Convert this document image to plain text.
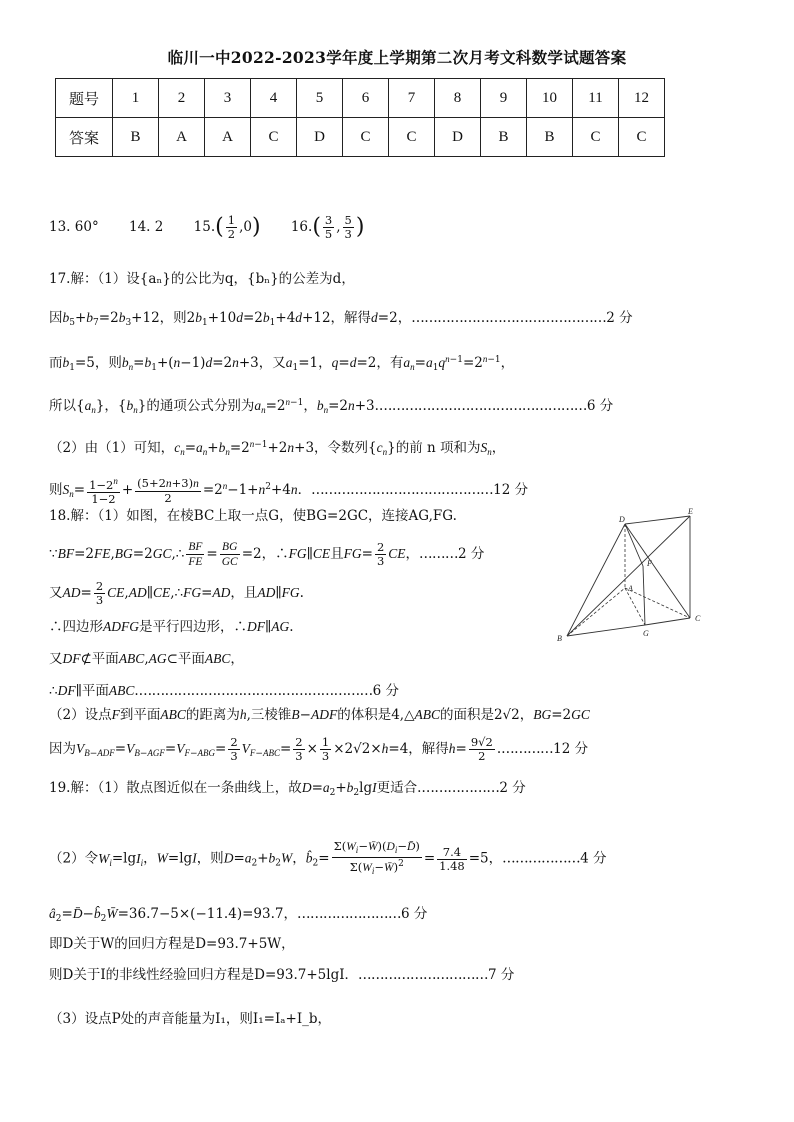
临川一中2022-2023学年度上学期第二次月考文科数学试题答案
题号	1	2	3	4	5	6	7	8	9	10	11	12
答案	B	A	A	C	D	C	C	D	B	B	C	C
13. 60° 14. 2 $15.( \frac{1}{2} ,0)$ $16.( \frac{3}{5}$ , $\frac{5}{3}$ )
17.解：（1）设{aₙ}的公比为q，{bₙ}的公差为d，
因$b_5+b_7=2b_3+12$，则$2b_1+10d=2b_1+4d+12$，解得d=2，………………………………………2 分
而$b_1=5$，则$b_n=b_1+(n-1)d=2n+3$，又$a_1=1$，q=d=2，有$a_n=a_1q^{n-1}=2^{n-1}$，
所以$\{a_n\}$，$\{b_n\}$的通项公式分别为$a_n=2^{n-1}$，$b_n=2n+3.\dots\dots\dots\dots\dots\dots\dots\dots\dots\dots\dots\dots\dots\dots\dots\dots 6$ 分
（2）由（1）可知，$c_n=a_n+b_n=2^{n-1}+2n+3$，令数列$\{c_n\}$的前 n 项和为$S_n$，
则$S_n= \frac{1-2^n}{1-2} + \frac{(5+2n+3)n}{2} =2^n-1+n^2+4n$．……………………………………12 分
18.解：（1）如图，在棱BC上取一点G，使BG=2GC，连接AG,FG.
∵BF=2FE,BG=2GC,∴ $\frac{BF}{FE} = \frac{BG}{GC} =2$，∴FG∥CE且$FG= \frac{2}{3}$ CE，………2 分
又$AD= \frac{2}{3}$ CE,AD∥CE,∴FG=AD，且AD∥FG.
∴四边形ADFG是平行四边形，∴DF∥AG.
又DF⊄平面ABC,AG⊂平面ABC，
∴DF∥平面ABC.………………………………………………6 分
（2）设点F到平面ABC的距离为h,三棱锥B−ADF的体积是4,△ABC的面积是2√2，BG=2GC
因为$V_{B-ADF}=V_{B-AGF}=V_{F-ABG}= \frac{2}{3} V_{F-ABC}= \frac{2}{3} \times \frac{1}{3} \times 2√2\times h=4$，解得$h= \frac{9√2}{2}$ .…………12 分
D
E
F
A
B
G
C
19.解：（1）散点图近似在一条曲线上，故$D=a_2+b_2\lg I$更适合.………………2 分
（2）令$W_i=\lg I_i$，W=lgI，则$D=a_2+b_2W$，$b̂_2= \frac{\Sigma(W_i-W̄)(D_i-D̄)}{\Sigma(W_i-W̄)^2} = \frac{7.4}{1.48} =5$，………………4 分
$â_2=D̄-b̂_2W̄=36.7-5\times(-11.4)=93.7$，……………………6 分
即D关于W的回归方程是D=93.7+5W，
则D关于I的非线性经验回归方程是D=93.7+5lgI．…………………………7 分
（3）设点P处的声音能量为I₁，则I₁=Iₐ+I_b，
